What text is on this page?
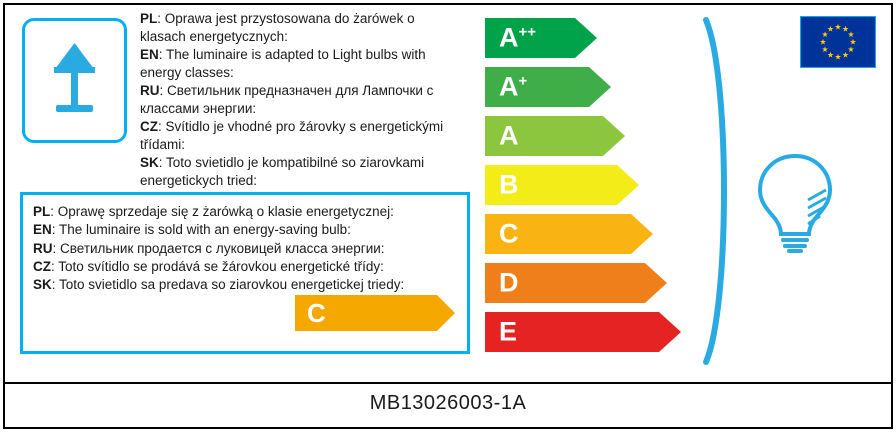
PL: Oprawa jest przystosowana do żarówek o klasach energetycznych:
EN: The luminaire is adapted to Light bulbs with energy classes:
RU: Светильник предназначен для Лампочки с классами энергии:
CZ: Svítidlo je vhodné pro žárovky s energetickými třídami:
SK: Toto svietidlo je kompatibilné so ziarovkami energetickych tried:
PL: Oprawę sprzedaje się z żarówką o klasie energetycznej:
EN: The luminaire is sold with an energy-saving bulb:
RU: Светильник продается с луковицей класса энергии:
CZ: Toto svítidlo se prodává se žárovkou energetické třídy:
SK: Toto svietidlo sa predava so ziarovkou energetickej triedy:
C
A++
A+
A
B
C
D
E
MB13026003-1A
